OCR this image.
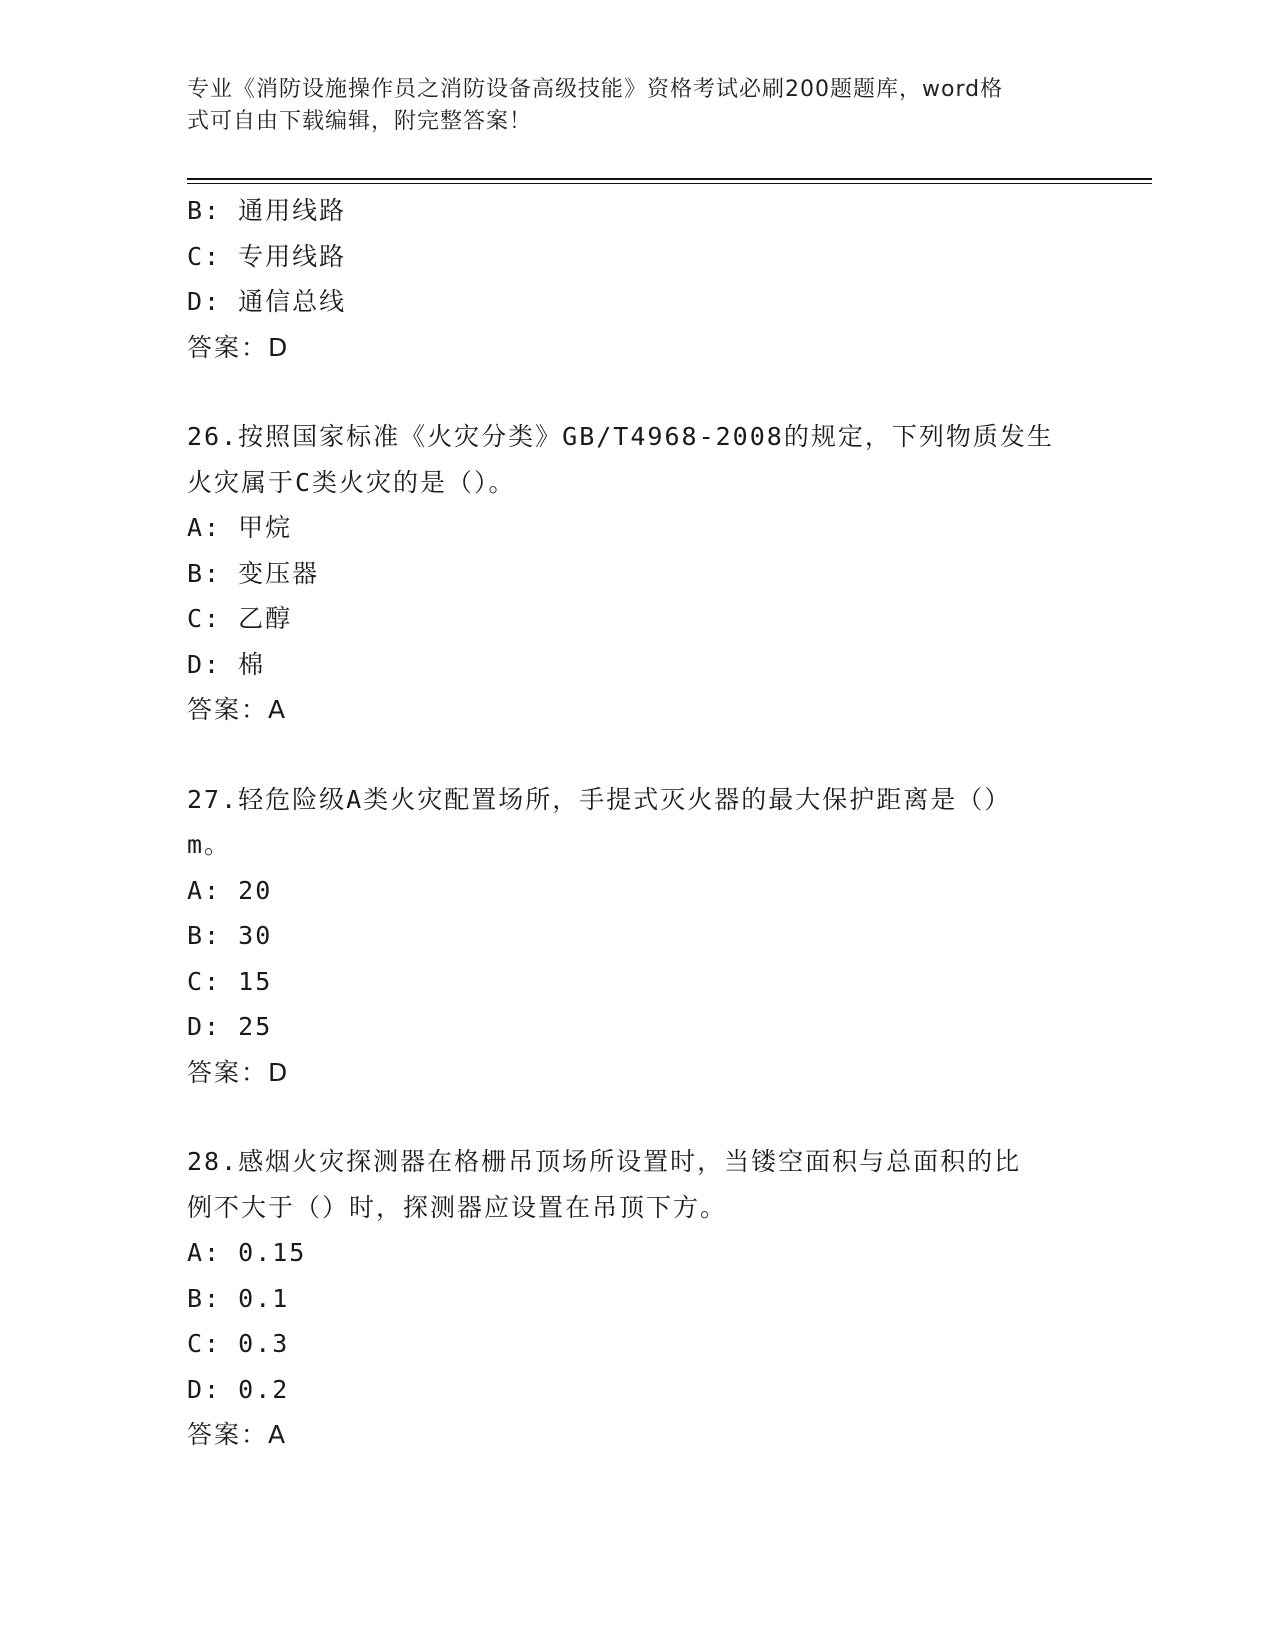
专业《消防设施操作员之消防设备高级技能》资格考试必刷200题题库，word格
式可自由下载编辑，附完整答案！
B: 通用线路
C: 专用线路
D: 通信总线
答案：D
26.按照国家标准《火灾分类》GB/T4968-2008的规定，下列物质发生
火灾属于C类火灾的是（）。
A: 甲烷
B: 变压器
C: 乙醇
D: 棉
答案：A
27.轻危险级A类火灾配置场所，手提式灭火器的最大保护距离是（）
m。
A: 20
B: 30
C: 15
D: 25
答案：D
28.感烟火灾探测器在格栅吊顶场所设置时，当镂空面积与总面积的比
例不大于（）时，探测器应设置在吊顶下方。
A: 0.15
B: 0.1
C: 0.3
D: 0.2
答案：A
